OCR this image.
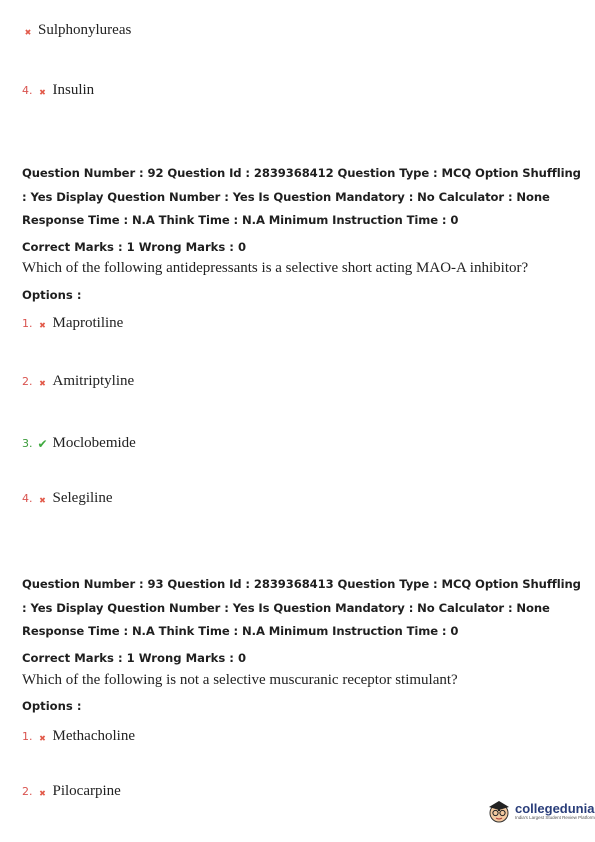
✖ Sulphonylureas
4. ✖ Insulin
Question Number : 92 Question Id : 2839368412 Question Type : MCQ Option Shuffling : Yes Display Question Number : Yes Is Question Mandatory : No Calculator : None Response Time : N.A Think Time : N.A Minimum Instruction Time : 0
Correct Marks : 1 Wrong Marks : 0
Which of the following antidepressants is a selective short acting MAO-A inhibitor?
Options :
1. ✖ Maprotiline
2. ✖ Amitriptyline
3. ✔ Moclobemide
4. ✖ Selegiline
Question Number : 93 Question Id : 2839368413 Question Type : MCQ Option Shuffling : Yes Display Question Number : Yes Is Question Mandatory : No Calculator : None Response Time : N.A Think Time : N.A Minimum Instruction Time : 0
Correct Marks : 1 Wrong Marks : 0
Which of the following is not a selective muscuranic receptor stimulant?
Options :
1. ✖ Methacholine
2. ✖ Pilocarpine
collegedunia
India's Largest Student Review Platform
